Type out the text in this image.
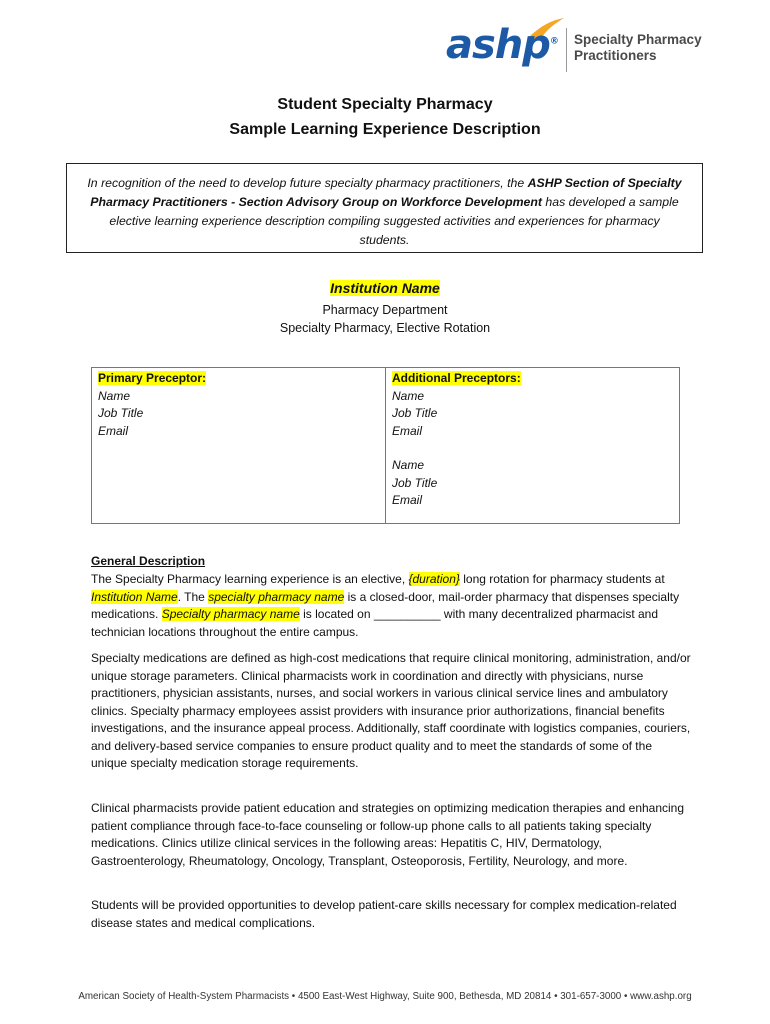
ashp® Specialty Pharmacy
Practitioners
Student Specialty Pharmacy
Sample Learning Experience Description
In recognition of the need to develop future specialty pharmacy practitioners, the ASHP Section of Specialty Pharmacy Practitioners - Section Advisory Group on Workforce Development has developed a sample elective learning experience description compiling suggested activities and experiences for pharmacy students.
Institution Name
Pharmacy Department
Specialty Pharmacy, Elective Rotation
Primary Preceptor:
Name
Job Title
Email
Additional Preceptors:
Name
Job Title
Email
Name
Job Title
Email
General Description
The Specialty Pharmacy learning experience is an elective, {duration} long rotation for pharmacy students at Institution Name. The specialty pharmacy name is a closed-door, mail-order pharmacy that dispenses specialty medications. Specialty pharmacy name is located on __________ with many decentralized pharmacist and technician locations throughout the entire campus.
Specialty medications are defined as high-cost medications that require clinical monitoring, administration, and/or unique storage parameters. Clinical pharmacists work in coordination and directly with physicians, nurse practitioners, physician assistants, nurses, and social workers in various clinical service lines and ambulatory clinics. Specialty pharmacy employees assist providers with insurance prior authorizations, financial benefits investigations, and the insurance appeal process. Additionally, staff coordinate with logistics companies, couriers, and delivery-based service companies to ensure product quality and to meet the standards of some of the unique specialty medication storage requirements.
Clinical pharmacists provide patient education and strategies on optimizing medication therapies and enhancing patient compliance through face-to-face counseling or follow-up phone calls to all patients taking specialty medications. Clinics utilize clinical services in the following areas: Hepatitis C, HIV, Dermatology, Gastroenterology, Rheumatology, Oncology, Transplant, Osteoporosis, Fertility, Neurology, and more.
Students will be provided opportunities to develop patient-care skills necessary for complex medication-related disease states and medical complications.
American Society of Health-System Pharmacists • 4500 East-West Highway, Suite 900, Bethesda, MD 20814 • 301-657-3000 • www.ashp.org
